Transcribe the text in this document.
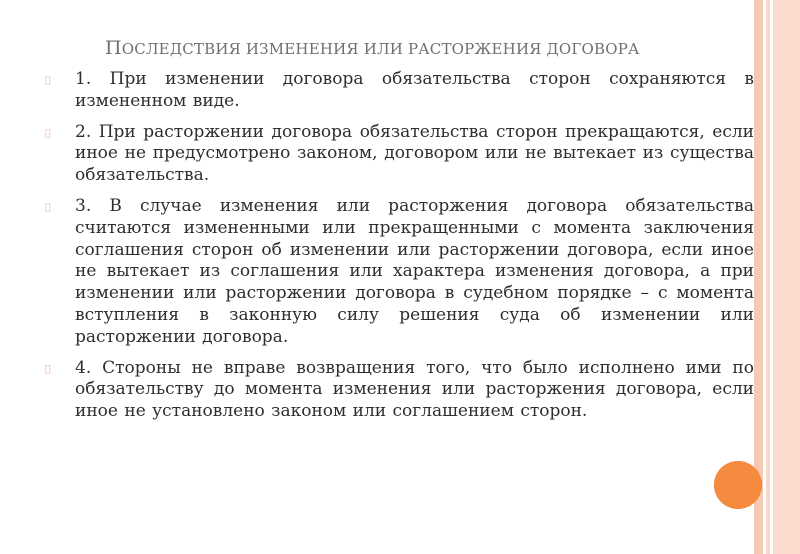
ПОСЛЕДСТВИЯ ИЗМЕНЕНИЯ ИЛИ РАСТОРЖЕНИЯ ДОГОВОРА
⌷ 1. При изменении договора обязательства сторон сохраняются в измененном виде.
⌷ 2. При расторжении договора обязательства сторон прекращаются, если иное не предусмотрено законом, договором или не вытекает из существа обязательства.
⌷ 3. В случае изменения или расторжения договора обязательства считаются измененными или прекращенными с момента заключения соглашения сторон об изменении или расторжении договора, если иное не вытекает из соглашения или характера изменения договора, а при изменении или расторжении договора в судебном порядке – с момента вступления в законную силу решения суда об изменении или расторжении договора.
⌷ 4. Стороны не вправе возвращения того, что было исполнено ими по обязательству до момента изменения или расторжения договора, если иное не установлено законом или соглашением сторон.
